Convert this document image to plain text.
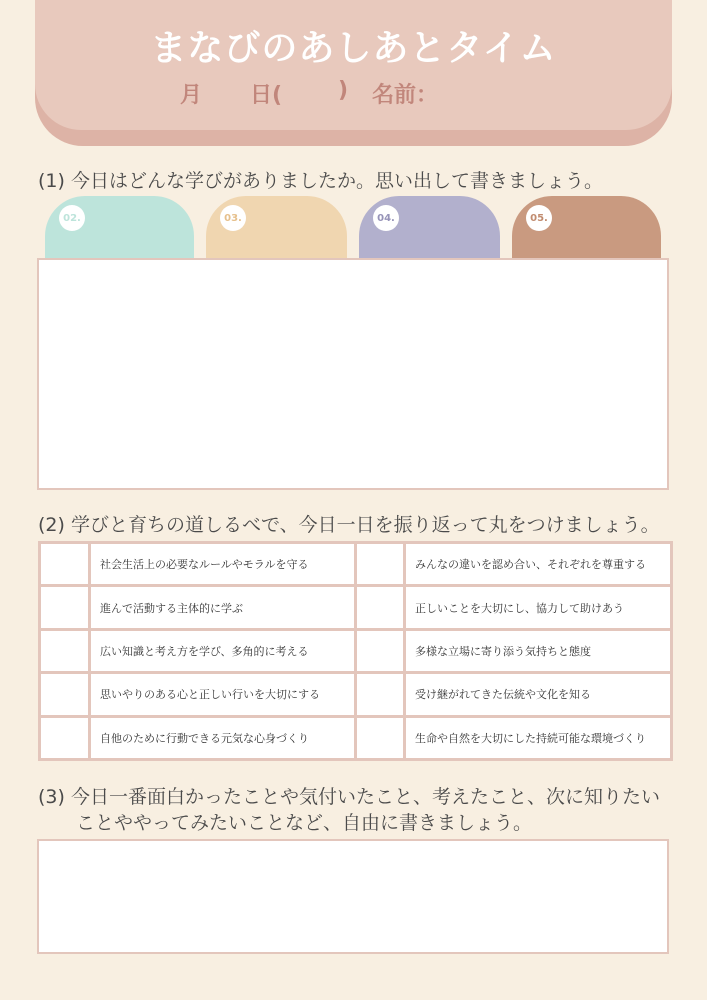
まなびのあしあとタイム
月 日(	) 名前：
(1) 今日はどんな学びがありましたか。思い出して書きましょう。
02.	03.	04.	05.
(2) 学びと育ちの道しるべで、今日一日を振り返って丸をつけましょう。
	社会生活上の必要なルールやモラルを守る		みんなの違いを認め合い、それぞれを尊重する
	進んで活動する主体的に学ぶ		正しいことを大切にし、協力して助けあう
	広い知識と考え方を学び、多角的に考える		多様な立場に寄り添う気持ちと態度
	思いやりのある心と正しい行いを大切にする		受け継がれてきた伝統や文化を知る
	自他のために行動できる元気な心身づくり		生命や自然を大切にした持続可能な環境づくり
(3) 今日一番面白かったことや気付いたこと、考えたこと、次に知りたい
ことややってみたいことなど、自由に書きましょう。
